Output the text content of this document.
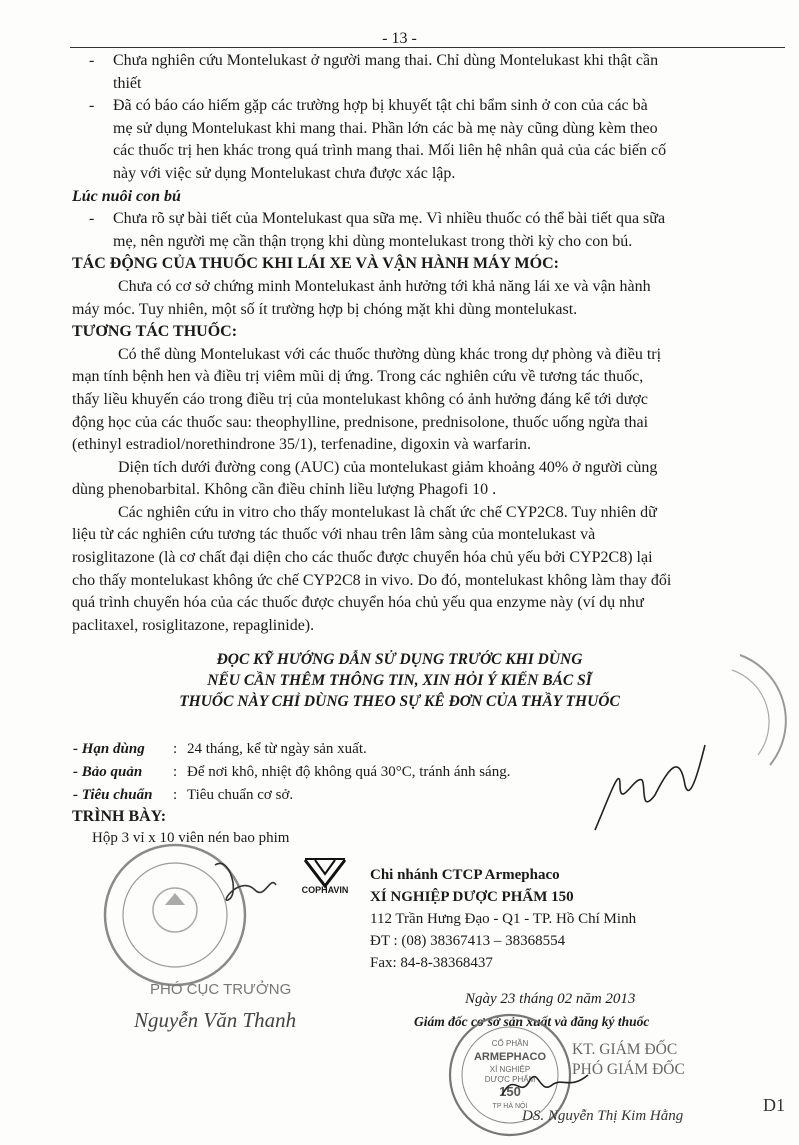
- 13 -
- Chưa nghiên cứu Montelukast ở người mang thai. Chỉ dùng Montelukast khi thật cần
thiết
- Đã có báo cáo hiếm gặp các trường hợp bị khuyết tật chi bẩm sinh ở con của các bà
mẹ sử dụng Montelukast khi mang thai. Phần lớn các bà mẹ này cũng dùng kèm theo
các thuốc trị hen khác trong quá trình mang thai. Mối liên hệ nhân quả của các biến cố
này với việc sử dụng Montelukast chưa được xác lập.
Lúc nuôi con bú
- Chưa rõ sự bài tiết của Montelukast qua sữa mẹ. Vì nhiều thuốc có thể bài tiết qua sữa
mẹ, nên người mẹ cần thận trọng khi dùng montelukast trong thời kỳ cho con bú.
TÁC ĐỘNG CỦA THUỐC KHI LÁI XE VÀ VẬN HÀNH MÁY MÓC:
Chưa có cơ sở chứng minh Montelukast ảnh hưởng tới khả năng lái xe và vận hành
máy móc. Tuy nhiên, một số ít trường hợp bị chóng mặt khi dùng montelukast.
TƯƠNG TÁC THUỐC:
Có thể dùng Montelukast với các thuốc thường dùng khác trong dự phòng và điều trị
mạn tính bệnh hen và điều trị viêm mũi dị ứng. Trong các nghiên cứu về tương tác thuốc,
thấy liều khuyến cáo trong điều trị của montelukast không có ảnh hưởng đáng kể tới dược
động học của các thuốc sau: theophylline, prednisone, prednisolone, thuốc uống ngừa thai
(ethinyl estradiol/norethindrone 35/1), terfenadine, digoxin và warfarin.
Diện tích dưới đường cong (AUC) của montelukast giảm khoảng 40% ở người cùng
dùng phenobarbital. Không cần điều chỉnh liều lượng Phagofi 10 .
Các nghiên cứu in vitro cho thấy montelukast là chất ức chế CYP2C8. Tuy nhiên dữ
liệu từ các nghiên cứu tương tác thuốc với nhau trên lâm sàng của montelukast và
rosiglitazone (là cơ chất đại diện cho các thuốc được chuyển hóa chủ yếu bởi CYP2C8) lại
cho thấy montelukast không ức chế CYP2C8 in vivo. Do đó, montelukast không làm thay đổi
quá trình chuyển hóa của các thuốc được chuyển hóa chủ yếu qua enzyme này (ví dụ như
paclitaxel, rosiglitazone, repaglinide).
ĐỌC KỸ HƯỚNG DẪN SỬ DỤNG TRƯỚC KHI DÙNG
NẾU CẦN THÊM THÔNG TIN, XIN HỎI Ý KIẾN BÁC SĨ
THUỐC NÀY CHỈ DÙNG THEO SỰ KÊ ĐƠN CỦA THẦY THUỐC
- Hạn dùng	: 24 tháng, kể từ ngày sản xuất.
- Bảo quản	: Để nơi khô, nhiệt độ không quá 30°C, tránh ánh sáng.
- Tiêu chuẩn	: Tiêu chuẩn cơ sở.
TRÌNH BÀY:
Hộp 3 vỉ x 10 viên nén bao phim
COPHAVIN
Chi nhánh CTCP Armephaco
XÍ NGHIỆP DƯỢC PHẨM 150
112 Trần Hưng Đạo - Q1 - TP. Hồ Chí Minh
ĐT : (08) 38367413 – 38368554
Fax: 84-8-38368437
PHÓ CỤC TRƯỞNG
Nguyễn Văn Thanh
Ngày 23 tháng 02 năm 2013
Giám đốc cơ sở sản xuất và đăng ký thuốc
CỔ PHẦN
ARMEPHACO
XÍ NGHIỆP
DƯỢC PHẨM
150
TP HÀ NỘI
KT. GIÁM ĐỐC
PHÓ GIÁM ĐỐC
DS. Nguyễn Thị Kim Hằng
D1
